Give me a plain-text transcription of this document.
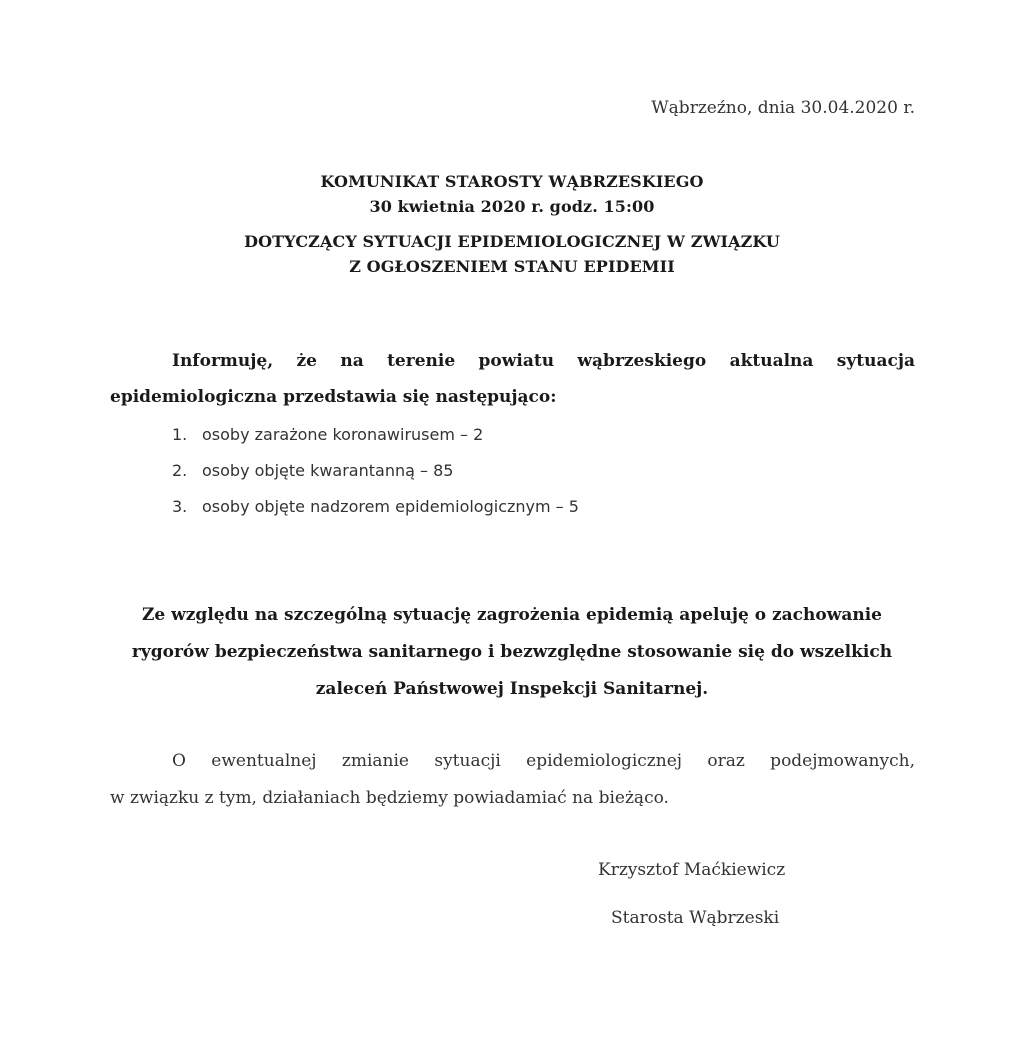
Wąbrzeźno, dnia 30.04.2020 r.
KOMUNIKAT STAROSTY WĄBRZESKIEGO
30 kwietnia 2020 r. godz. 15:00
DOTYCZĄCY SYTUACJI EPIDEMIOLOGICZNEJ W ZWIĄZKU
Z OGŁOSZENIEM STANU EPIDEMII
Informuję, że na terenie powiatu wąbrzeskiego aktualna sytuacja
epidemiologiczna przedstawia się następująco:
1. osoby zarażone koronawirusem – 2
2. osoby objęte kwarantanną – 85
3. osoby objęte nadzorem epidemiologicznym – 5
Ze względu na szczególną sytuację zagrożenia epidemią apeluję o zachowanie
rygorów bezpieczeństwa sanitarnego i bezwzględne stosowanie się do wszelkich
zaleceń Państwowej Inspekcji Sanitarnej.
O ewentualnej zmianie sytuacji epidemiologicznej oraz podejmowanych,
w związku z tym, działaniach będziemy powiadamiać na bieżąco.
Krzysztof Maćkiewicz
Starosta Wąbrzeski
